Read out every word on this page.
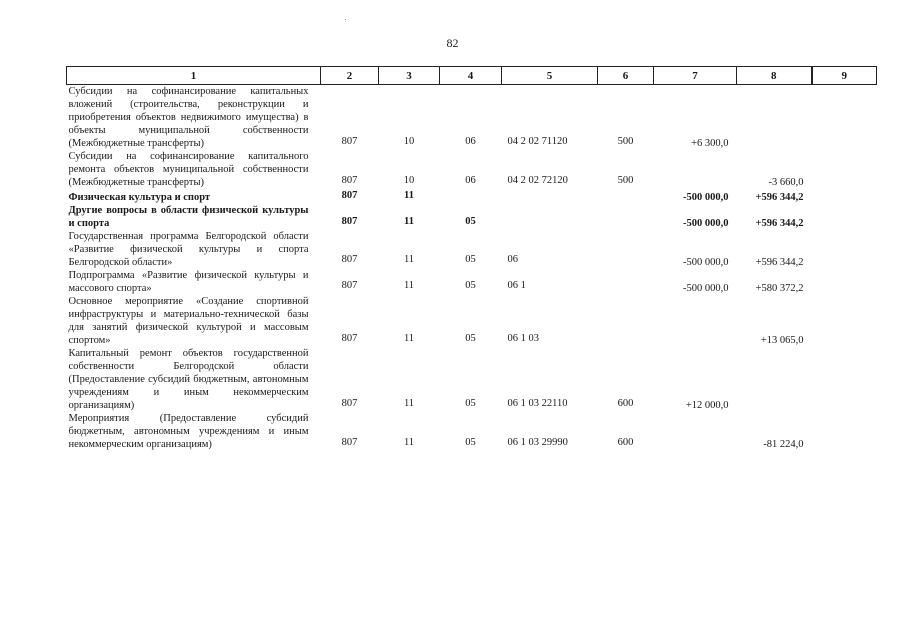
82
1	2	3	4	5	6	7	8	9
Субсидии на софинансирование капитальных вложений (строительства, реконструкции и приобретения объектов недвижимого имущества) в объекты муниципальной собственности (Межбюджетные трансферты)	807	10	06	04 2 02 71120	500	+6 300,0		
Субсидии на софинансирование капитального ремонта объектов муниципальной собственности (Межбюджетные трансферты)	807	10	06	04 2 02 72120	500		-3 660,0	
Физическая культура и спорт	807	11				-500 000,0	+596 344,2	
Другие вопросы в области физической культуры и спорта	807	11	05			-500 000,0	+596 344,2	
Государственная программа Белгородской области «Развитие физической культуры и спорта Белгородской области»	807	11	05	06		-500 000,0	+596 344,2	
Подпрограмма «Развитие физической культуры и массового спорта»	807	11	05	06 1		-500 000,0	+580 372,2	
Основное мероприятие «Создание спортивной инфраструктуры и материально-технической базы для занятий физической культурой и массовым спортом»	807	11	05	06 1 03			+13 065,0	
Капитальный ремонт объектов государственной собственности Белгородской области (Предоставление субсидий бюджетным, автономным учреждениям и иным некоммерческим организациям)	807	11	05	06 1 03 22110	600	+12 000,0		
Мероприятия (Предоставление субсидий бюджетным, автономным учреждениям и иным некоммерческим организациям)	807	11	05	06 1 03 29990	600		-81 224,0	
